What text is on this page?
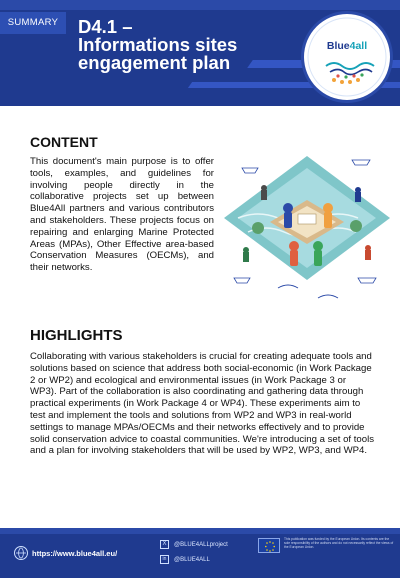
SUMMARY	D4.1 –
Informations sites
engagement plan
Blue4all
CONTENT
This document's main purpose is to offer tools, examples, and guidelines for involving people directly in the collaborative projects set up between Blue4All partners and various contributors and stakeholders. These projects focus on repairing and enlarging Marine Protected Areas (MPAs), Other Effective area-based Conservation Measures (OECMs), and their networks.
HIGHLIGHTS
Collaborating with various stakeholders is crucial for creating adequate tools and solutions based on science that address both social-economic (in Work Package 2 or WP2) and ecological and environmental issues (in Work Package 3 or WP3). Part of the collaboration is also coordinating and gathering data through practical experiments (in Work Package 4 or WP4). These experiments aim to test and implement the tools and solutions from WP2 and WP3 in real-world settings to manage MPAs/OECMs and their networks effectively and to provide solid conservation advice to coastal communities. We're introducing a set of tools and a plan for involving stakeholders that will be used by WP2, WP3, and WP4.
https://www.blue4all.eu/
X	@BLUE4ALLproject
in	@BLUE4ALL
This publication was funded by the European Union. Its contents are the sole responsibility of the authors and do not necessarily reflect the views of the European Union.
